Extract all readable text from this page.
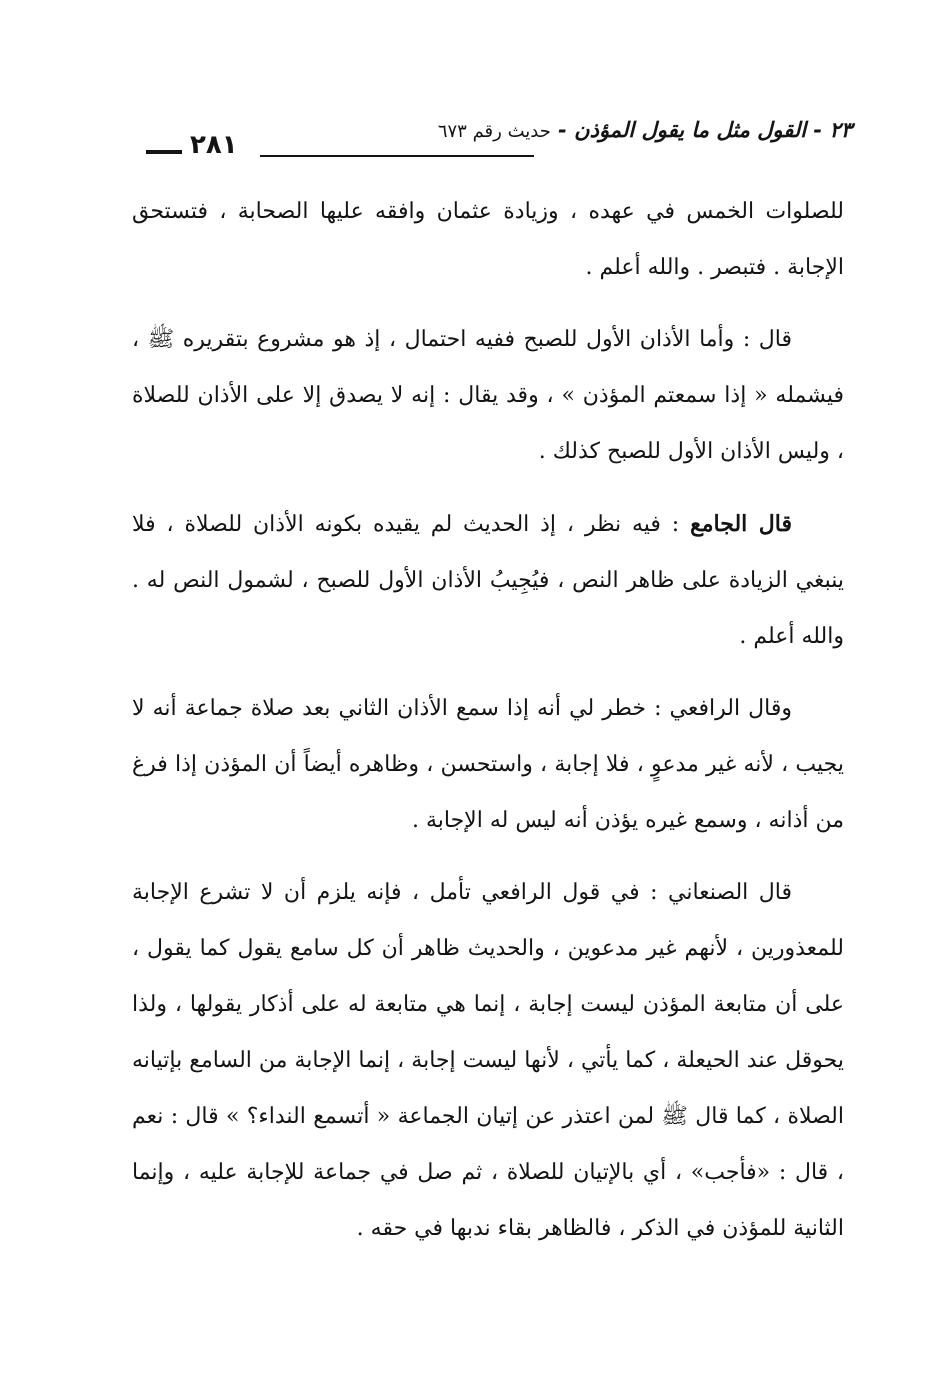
٢٨١	٢٣ - القول مثل ما يقول المؤذن - حديث رقم ٦٧٣

للصلوات الخمس في عهده ، وزيادة عثمان وافقه عليها الصحابة ، فتستحق الإجابة . فتبصر . والله أعلم .

قال : وأما الأذان الأول للصبح ففيه احتمال ، إذ هو مشروع بتقريره ﷺ ، فيشمله « إذا سمعتم المؤذن » ، وقد يقال : إنه لا يصدق إلا على الأذان للصلاة ، وليس الأذان الأول للصبح كذلك .

قال الجامع : فيه نظر ، إذ الحديث لم يقيده بكونه الأذان للصلاة ، فلا ينبغي الزيادة على ظاهر النص ، فيُجِيبُ الأذان الأول للصبح ، لشمول النص له . والله أعلم .

وقال الرافعي : خطر لي أنه إذا سمع الأذان الثاني بعد صلاة جماعة أنه لا يجيب ، لأنه غير مدعوٍ ، فلا إجابة ، واستحسن ، وظاهره أيضاً أن المؤذن إذا فرغ من أذانه ، وسمع غيره يؤذن أنه ليس له الإجابة .

قال الصنعاني : في قول الرافعي تأمل ، فإنه يلزم أن لا تشرع الإجابة للمعذورين ، لأنهم غير مدعوين ، والحديث ظاهر أن كل سامع يقول كما يقول ، على أن متابعة المؤذن ليست إجابة ، إنما هي متابعة له على أذكار يقولها ، ولذا يحوقل عند الحيعلة ، كما يأتي ، لأنها ليست إجابة ، إنما الإجابة من السامع بإتيانه الصلاة ، كما قال ﷺ لمن اعتذر عن إتيان الجماعة « أتسمع النداء؟ » قال : نعم ، قال : «فأجب» ، أي بالإتيان للصلاة ، ثم صل في جماعة للإجابة عليه ، وإنما الثانية للمؤذن في الذكر ، فالظاهر بقاء ندبها في حقه .
